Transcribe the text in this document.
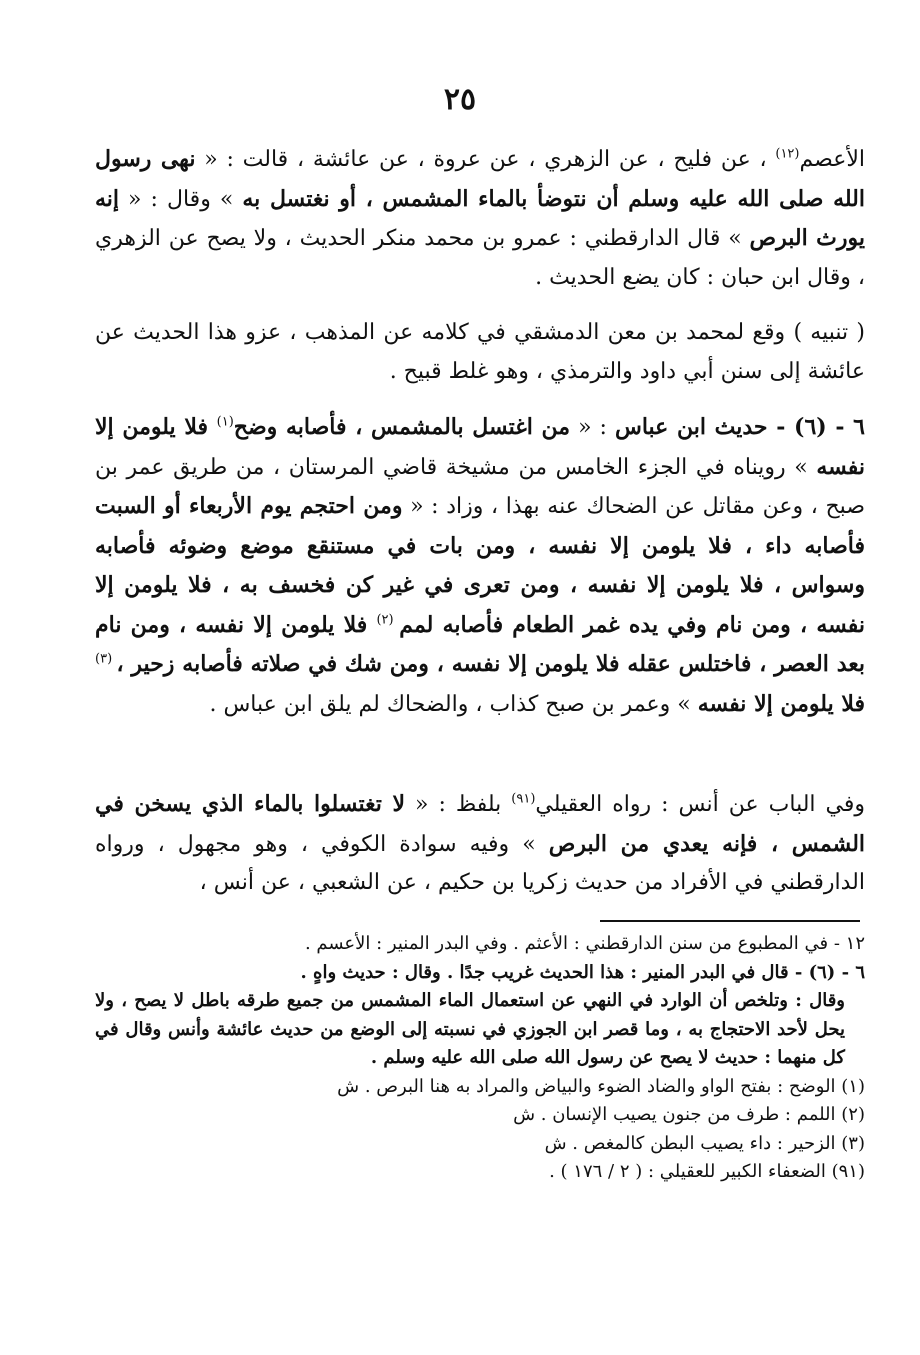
٢٥

الأعصم$^{(١٢)}$ ، عن فليح ، عن الزهري ، عن عروة ، عن عائشة ، قالت : « نهى رسول الله صلى الله عليه وسلم أن نتوضأ بالماء المشمس ، أو نغتسل به » وقال : « إنه يورث البرص » قال الدارقطني : عمرو بن محمد منكر الحديث ، ولا يصح عن الزهري ، وقال ابن حبان : كان يضع الحديث .

( تنبيه ) وقع لمحمد بن معن الدمشقي في كلامه عن المذهب ، عزو هذا الحديث عن عائشة إلى سنن أبي داود والترمذي ، وهو غلط قبيح .

٦ - (٦) - حديث ابن عباس : « من اغتسل بالمشمس ، فأصابه وضح$^{(١)}$ فلا يلومن إلا نفسه » رويناه في الجزء الخامس من مشيخة قاضي المرستان ، من طريق عمر بن صبح ، وعن مقاتل عن الضحاك عنه بهذا ، وزاد : « ومن احتجم يوم الأربعاء أو السبت فأصابه داء ، فلا يلومن إلا نفسه ، ومن بات في مستنقع موضع وضوئه فأصابه وسواس ، فلا يلومن إلا نفسه ، ومن تعرى في غير كن فخسف به ، فلا يلومن إلا نفسه ، ومن نام وفي يده غمر الطعام فأصابه لمم $^{(٢)}$ فلا يلومن إلا نفسه ، ومن نام بعد العصر ، فاختلس عقله فلا يلومن إلا نفسه ، ومن شك في صلاته فأصابه زحير ، $^{(٣)}$ فلا يلومن إلا نفسه » وعمر بن صبح كذاب ، والضحاك لم يلق ابن عباس .

وفي الباب عن أنس : رواه العقيلي$^{(٩١)}$ بلفظ : « لا تغتسلوا بالماء الذي يسخن في الشمس ، فإنه يعدي من البرص » وفيه سوادة الكوفي ، وهو مجهول ، ورواه الدارقطني في الأفراد من حديث زكريا بن حكيم ، عن الشعبي ، عن أنس ،

١٢ - في المطبوع من سنن الدارقطني : الأعثم . وفي البدر المنير : الأعسم .

٦ - (٦) - قال في البدر المنير : هذا الحديث غريب جدًا . وقال : حديث واهٍ .

وقال : وتلخص أن الوارد في النهي عن استعمال الماء المشمس من جميع طرقه باطل لا يصح ، ولا يحل لأحد الاحتجاج به ، وما قصر ابن الجوزي في نسبته إلى الوضع من حديث عائشة وأنس وقال في كل منهما : حديث لا يصح عن رسول الله صلى الله عليه وسلم .

(١) الوضح : بفتح الواو والضاد الضوء والبياض والمراد به هنا البرص . ش

(٢) اللمم : طرف من جنون يصيب الإنسان . ش

(٣) الزحير : داء يصيب البطن كالمغص . ش

(٩١) الضعفاء الكبير للعقيلي : ( ٢ / ١٧٦ ) .
